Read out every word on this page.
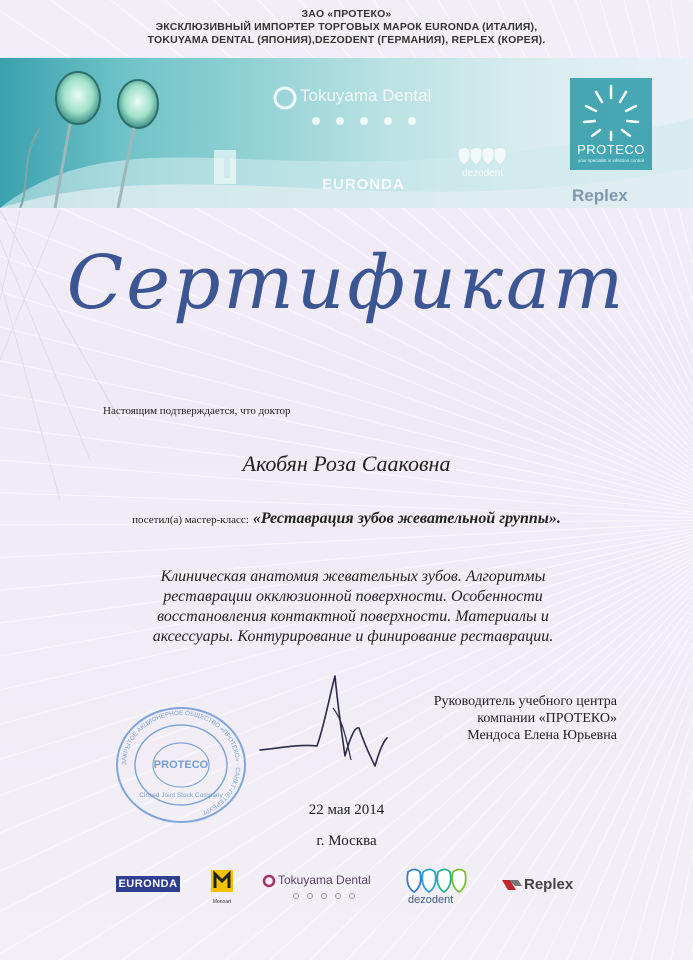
ЗАО «ПРОТЕКО»
ЭКСКЛЮЗИВНЫЙ ИМПОРТЕР ТОРГОВЫХ МАРОК EURONDA (ИТАЛИЯ),
TOKUYAMA DENTAL (ЯПОНИЯ),DEZODENT (ГЕРМАНИЯ), REPLEX (КОРЕЯ).
Tokuyama Dental
EURONDA
dezodent
Replex
PROTECO
your specialist in infection control
Сертификат
Настоящим подтверждается, что доктор
Акобян Роза Сааковна
посетил(а) мастер-класс: «Реставрация зубов жевательной группы».
Клиническая анатомия жевательных зубов. Алгоритмы реставрации окклюзионной поверхности. Особенности восстановления контактной поверхности. Материалы и аксессуары. Контурирование и финирование реставрации.
ЗАКРЫТОЕ АКЦИОНЕРНОЕ ОБЩЕСТВО «ПРОТЕКО» · САНКТ-ПЕТЕРБУРГ
PROTECO
Closed Joint Stock Company
Руководитель учебного центра
компании «ПРОТЕКО»
Мендоса Елена Юрьевна
22 мая 2014
г. Москва
EURONDA
Monoart
Tokuyama Dental
dezodent
Replex
